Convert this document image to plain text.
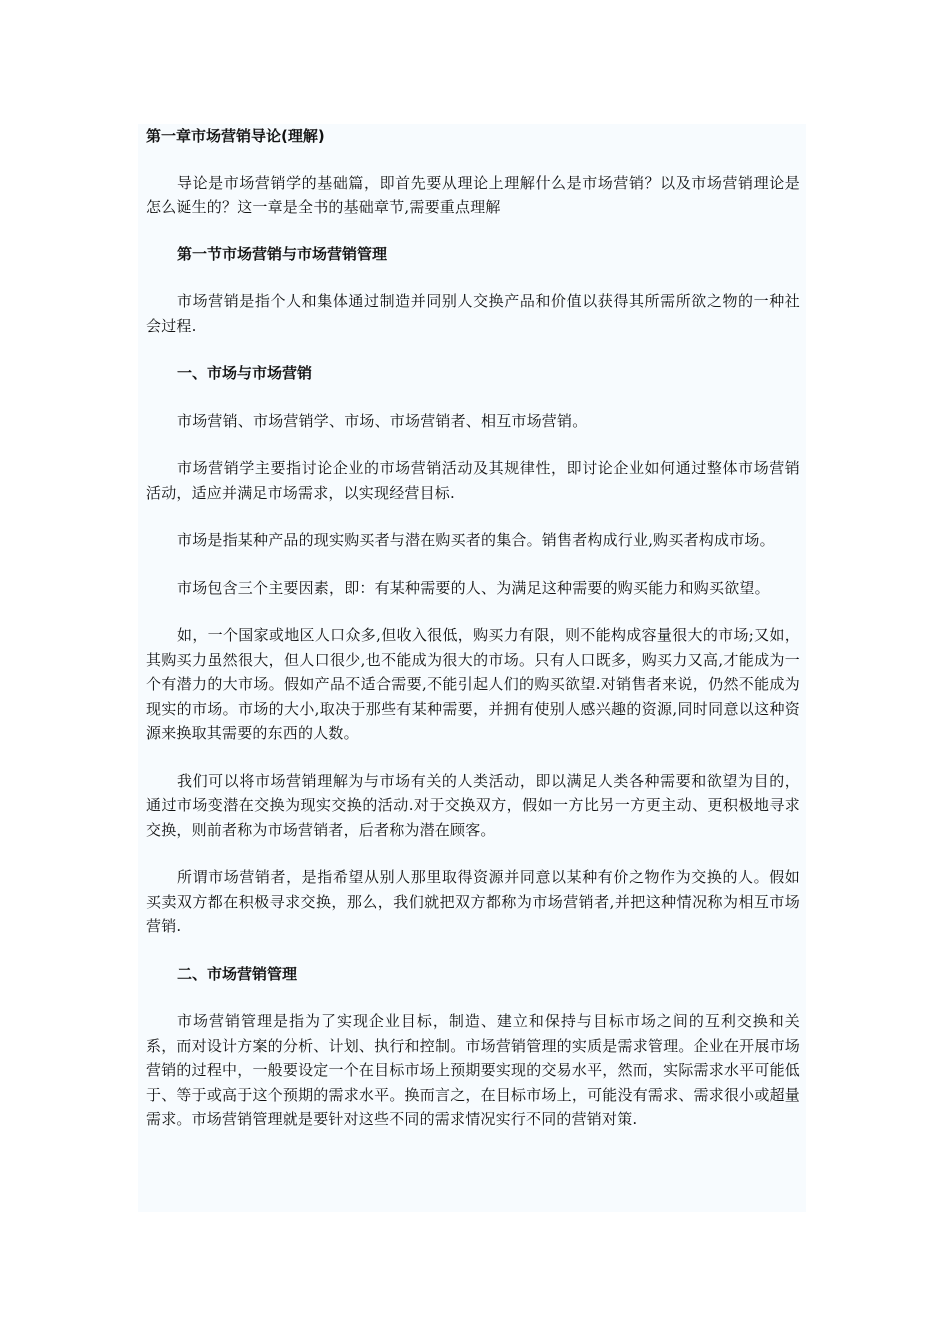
第一章市场营销导论(理解)

导论是市场营销学的基础篇，即首先要从理论上理解什么是市场营销？以及市场营销理论是怎么诞生的？这一章是全书的基础章节,需要重点理解

第一节市场营销与市场营销管理

市场营销是指个人和集体通过制造并同别人交换产品和价值以获得其所需所欲之物的一种社会过程.

一、市场与市场营销

市场营销、市场营销学、市场、市场营销者、相互市场营销。

市场营销学主要指讨论企业的市场营销活动及其规律性，即讨论企业如何通过整体市场营销活动，适应并满足市场需求，以实现经营目标.

市场是指某种产品的现实购买者与潜在购买者的集合。销售者构成行业,购买者构成市场。

市场包含三个主要因素，即：有某种需要的人、为满足这种需要的购买能力和购买欲望。

如，一个国家或地区人口众多,但收入很低，购买力有限，则不能构成容量很大的市场;又如，其购买力虽然很大，但人口很少,也不能成为很大的市场。只有人口既多，购买力又高,才能成为一个有潜力的大市场。假如产品不适合需要,不能引起人们的购买欲望.对销售者来说，仍然不能成为现实的市场。市场的大小,取决于那些有某种需要，并拥有使别人感兴趣的资源,同时同意以这种资源来换取其需要的东西的人数。

我们可以将市场营销理解为与市场有关的人类活动，即以满足人类各种需要和欲望为目的，通过市场变潜在交换为现实交换的活动.对于交换双方，假如一方比另一方更主动、更积极地寻求交换，则前者称为市场营销者，后者称为潜在顾客。

所谓市场营销者，是指希望从别人那里取得资源并同意以某种有价之物作为交换的人。假如买卖双方都在积极寻求交换，那么，我们就把双方都称为市场营销者,并把这种情况称为相互市场营销.

二、市场营销管理

市场营销管理是指为了实现企业目标，制造、建立和保持与目标市场之间的互利交换和关系，而对设计方案的分析、计划、执行和控制。市场营销管理的实质是需求管理。企业在开展市场营销的过程中，一般要设定一个在目标市场上预期要实现的交易水平，然而，实际需求水平可能低于、等于或高于这个预期的需求水平。换而言之，在目标市场上，可能没有需求、需求很小或超量需求。市场营销管理就是要针对这些不同的需求情况实行不同的营销对策.
